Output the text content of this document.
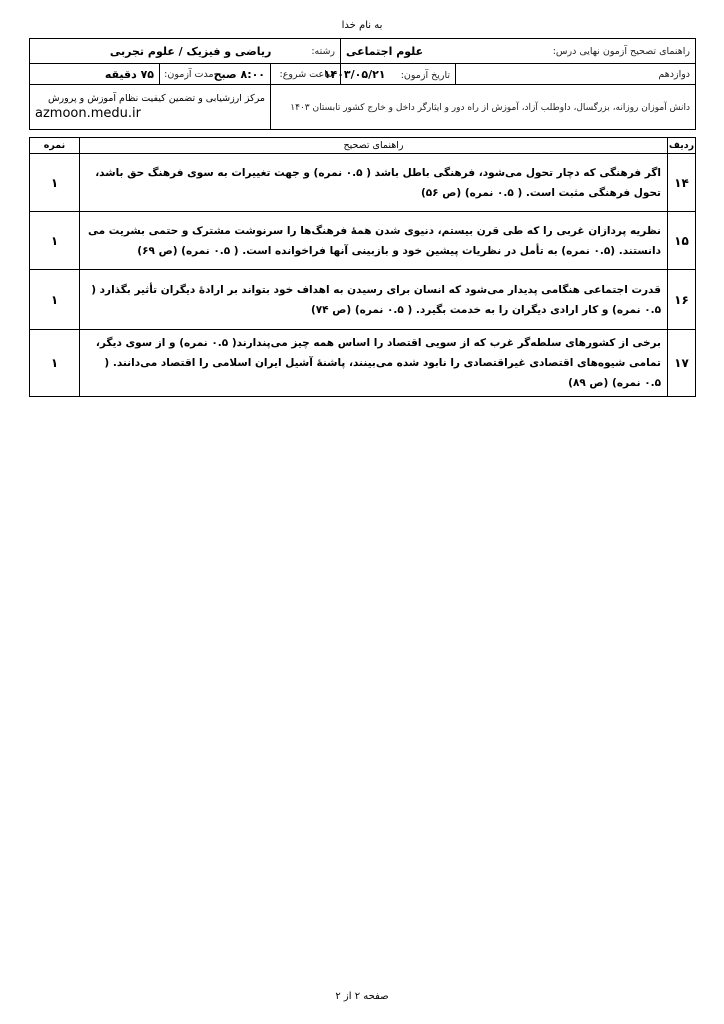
به نام خدا
راهنمای تصحیح آزمون نهایی درس:
علوم اجتماعی		رشته:
ریاضی و فیزیک / علوم تجربی		

دوازدهم	تاریخ آزمون: ۱۴۰۳/۰۵/۲۱	ساعت شروع:	۸:۰۰ صبح
مدت آزمون:	۷۵ دقیقه
دانش آموزان روزانه، بزرگسال، داوطلب آزاد، آموزش از راه دور و ایثارگر داخل و خارج کشور تابستان ۱۴۰۳			مرکز ارزشیابی و تضمین کیفیت نظام آموزش و پرورش
azmoon.medu.ir	
ردیف	راهنمای تصحیح	نمره
۱۴	اگر فرهنگی که دچار تحول می‌شود، فرهنگی باطل باشد ( ۰.۵ نمره) و جهت تغییرات به سوی فرهنگ حق باشد، تحول فرهنگی مثبت است. ( ۰.۵ نمره) (ص ۵۶)	۱
۱۵	نظریه پردازان غربی را که طی قرن بیستم، دنیوی شدن همهٔ فرهنگ‌ها را سرنوشت مشترک و حتمی بشریت می دانستند. (۰.۵ نمره) به تأمل در نظریات پیشین خود و بازبینی آنها فراخوانده است. ( ۰.۵ نمره) (ص ۶۹)	۱
۱۶	قدرت اجتماعی هنگامی پدیدار می‌شود که انسان برای رسیدن به اهداف خود بتواند بر ارادهٔ دیگران تأثیر بگذارد ( ۰.۵ نمره) و کار ارادی دیگران را به خدمت بگیرد. ( ۰.۵ نمره) (ص ۷۴)	۱
۱۷	برخی از کشورهای سلطه‌گر غرب که از سویی اقتصاد را اساس همه چیز می‌پندارند( ۰.۵ نمره) و از سوی دیگر، تمامی شیوه‌های اقتصادی غیراقتصادی را نابود شده می‌بینند، پاشنهٔ آشیل ایران اسلامی را اقتصاد می‌دانند. ( ۰.۵ نمره) (ص ۸۹)	۱
صفحه ۲ از ۲
